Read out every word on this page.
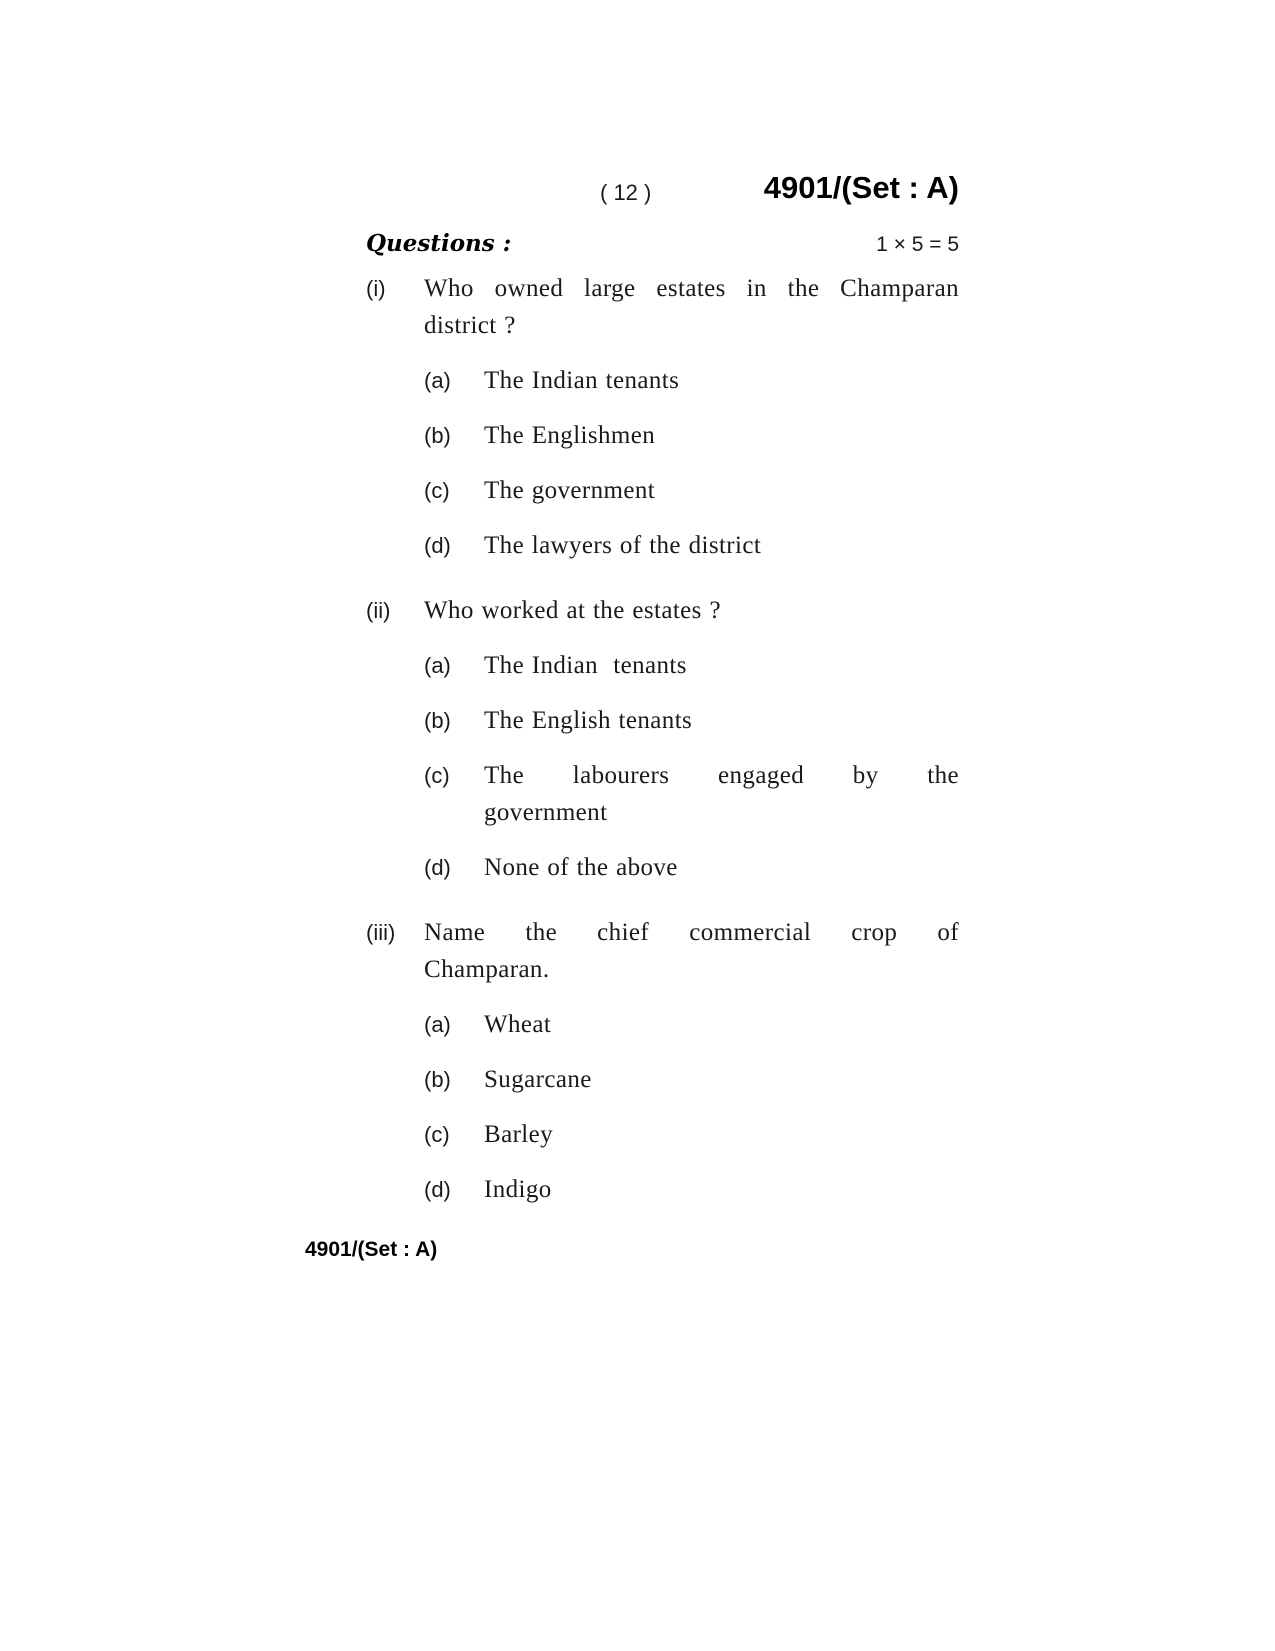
( 12 )	4901/(Set : A)
Questions :	1 × 5 = 5
(i) Who owned large estates in the Champaran district ?
(a) The Indian tenants
(b) The Englishmen
(c) The government
(d) The lawyers of the district
(ii) Who worked at the estates ?
(a) The Indian  tenants
(b) The English tenants
(c) The labourers engaged by the government
(d) None of the above
(iii) Name the chief commercial crop of Champaran.
(a) Wheat
(b) Sugarcane
(c) Barley
(d) Indigo
4901/(Set : A)
